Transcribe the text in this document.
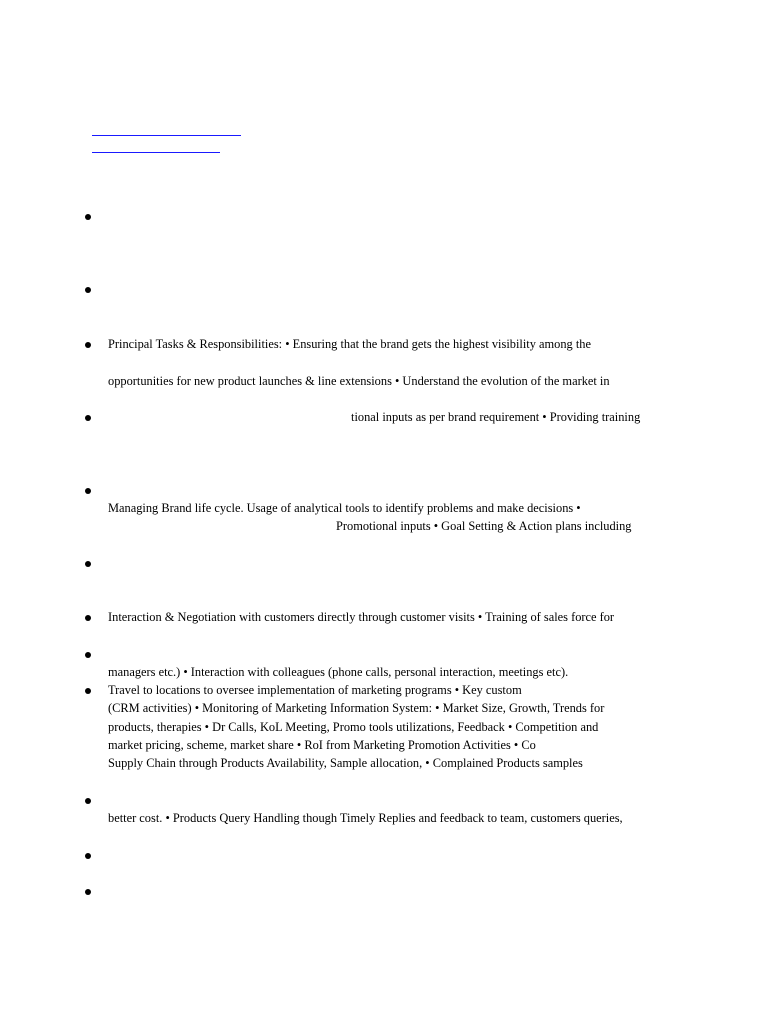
Principal Tasks & Responsibilities: • Ensuring that the brand gets the highest visibility among the
opportunities for new product launches & line extensions • Understand the evolution of the market in
tional inputs as per brand requirement • Providing training
Managing Brand life cycle. Usage of analytical tools to identify problems and make decisions •
Promotional inputs • Goal Setting & Action plans including
Interaction & Negotiation with customers directly through customer visits • Training of sales force for
managers etc.) • Interaction with colleagues (phone calls, personal interaction, meetings etc).
Travel to locations to oversee implementation of marketing programs • Key custom
(CRM activities) • Monitoring of Marketing Information System: • Market Size, Growth, Trends for
products, therapies • Dr Calls, KoL Meeting, Promo tools utilizations, Feedback • Competition and
market pricing, scheme, market share • RoI from Marketing Promotion Activities • Co
Supply Chain through Products Availability, Sample allocation, • Complained Products samples
better cost. • Products Query Handling though Timely Replies and feedback to team, customers queries,
